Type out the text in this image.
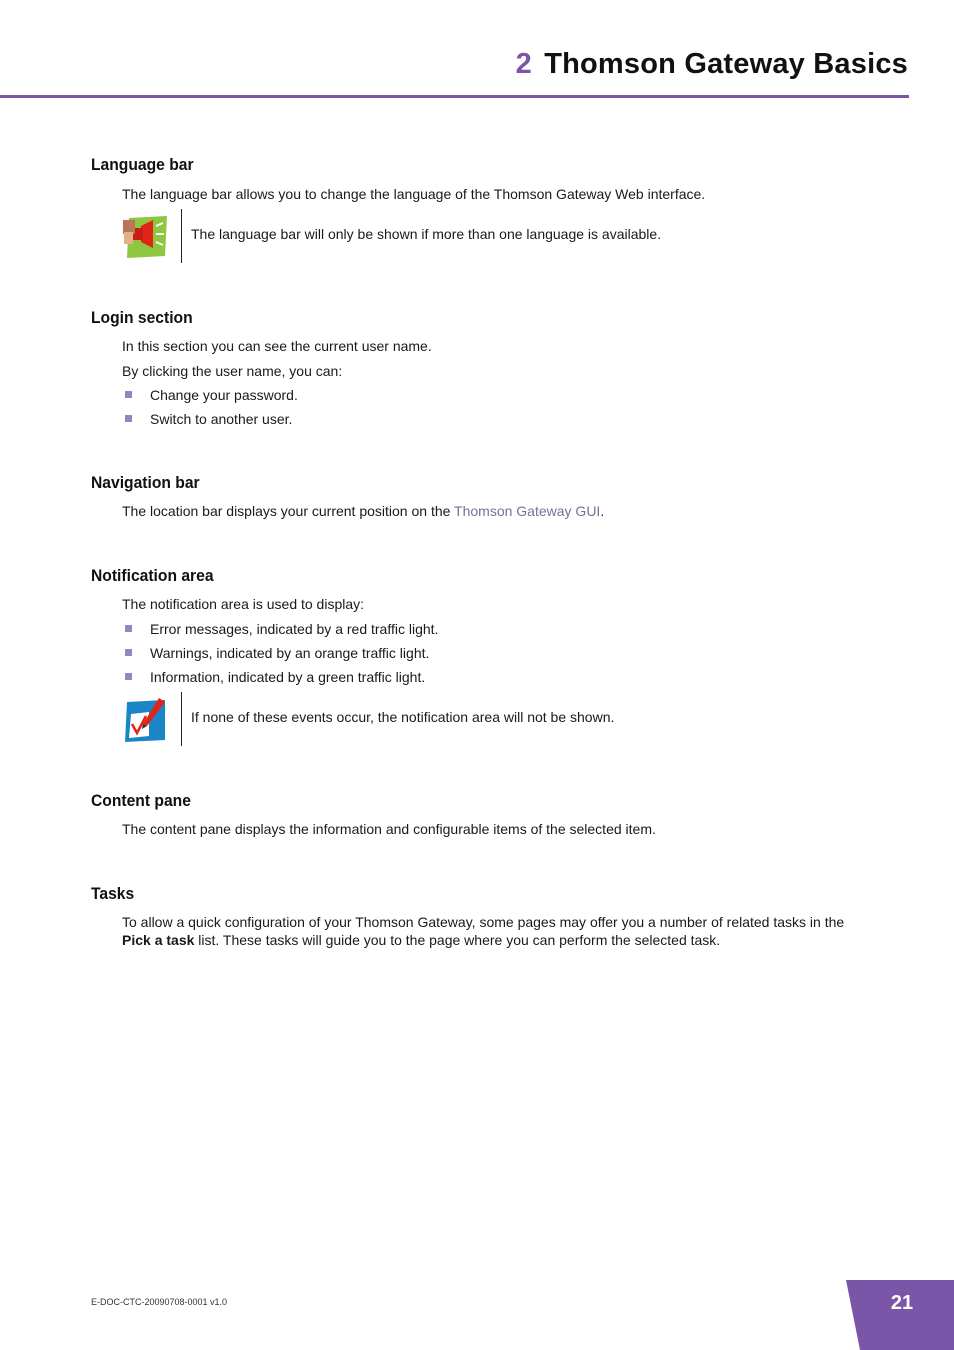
2 Thomson Gateway Basics
Language bar

The language bar allows you to change the language of the Thomson Gateway Web interface.

The language bar will only be shown if more than one language is available.

Login section

In this section you can see the current user name.

By clicking the user name, you can:

Change your password.
Switch to another user.
Navigation bar

The location bar displays your current position on the Thomson Gateway GUI.

Notification area

The notification area is used to display:

Error messages, indicated by a red traffic light.
Warnings, indicated by an orange traffic light.
Information, indicated by a green traffic light.

If none of these events occur, the notification area will not be shown.

Content pane

The content pane displays the information and configurable items of the selected item.

Tasks

To allow a quick configuration of your Thomson Gateway, some pages may offer you a number of related tasks in the Pick a task list. These tasks will guide you to the page where you can perform the selected task.

E-DOC-CTC-20090708-0001 v1.0	21
